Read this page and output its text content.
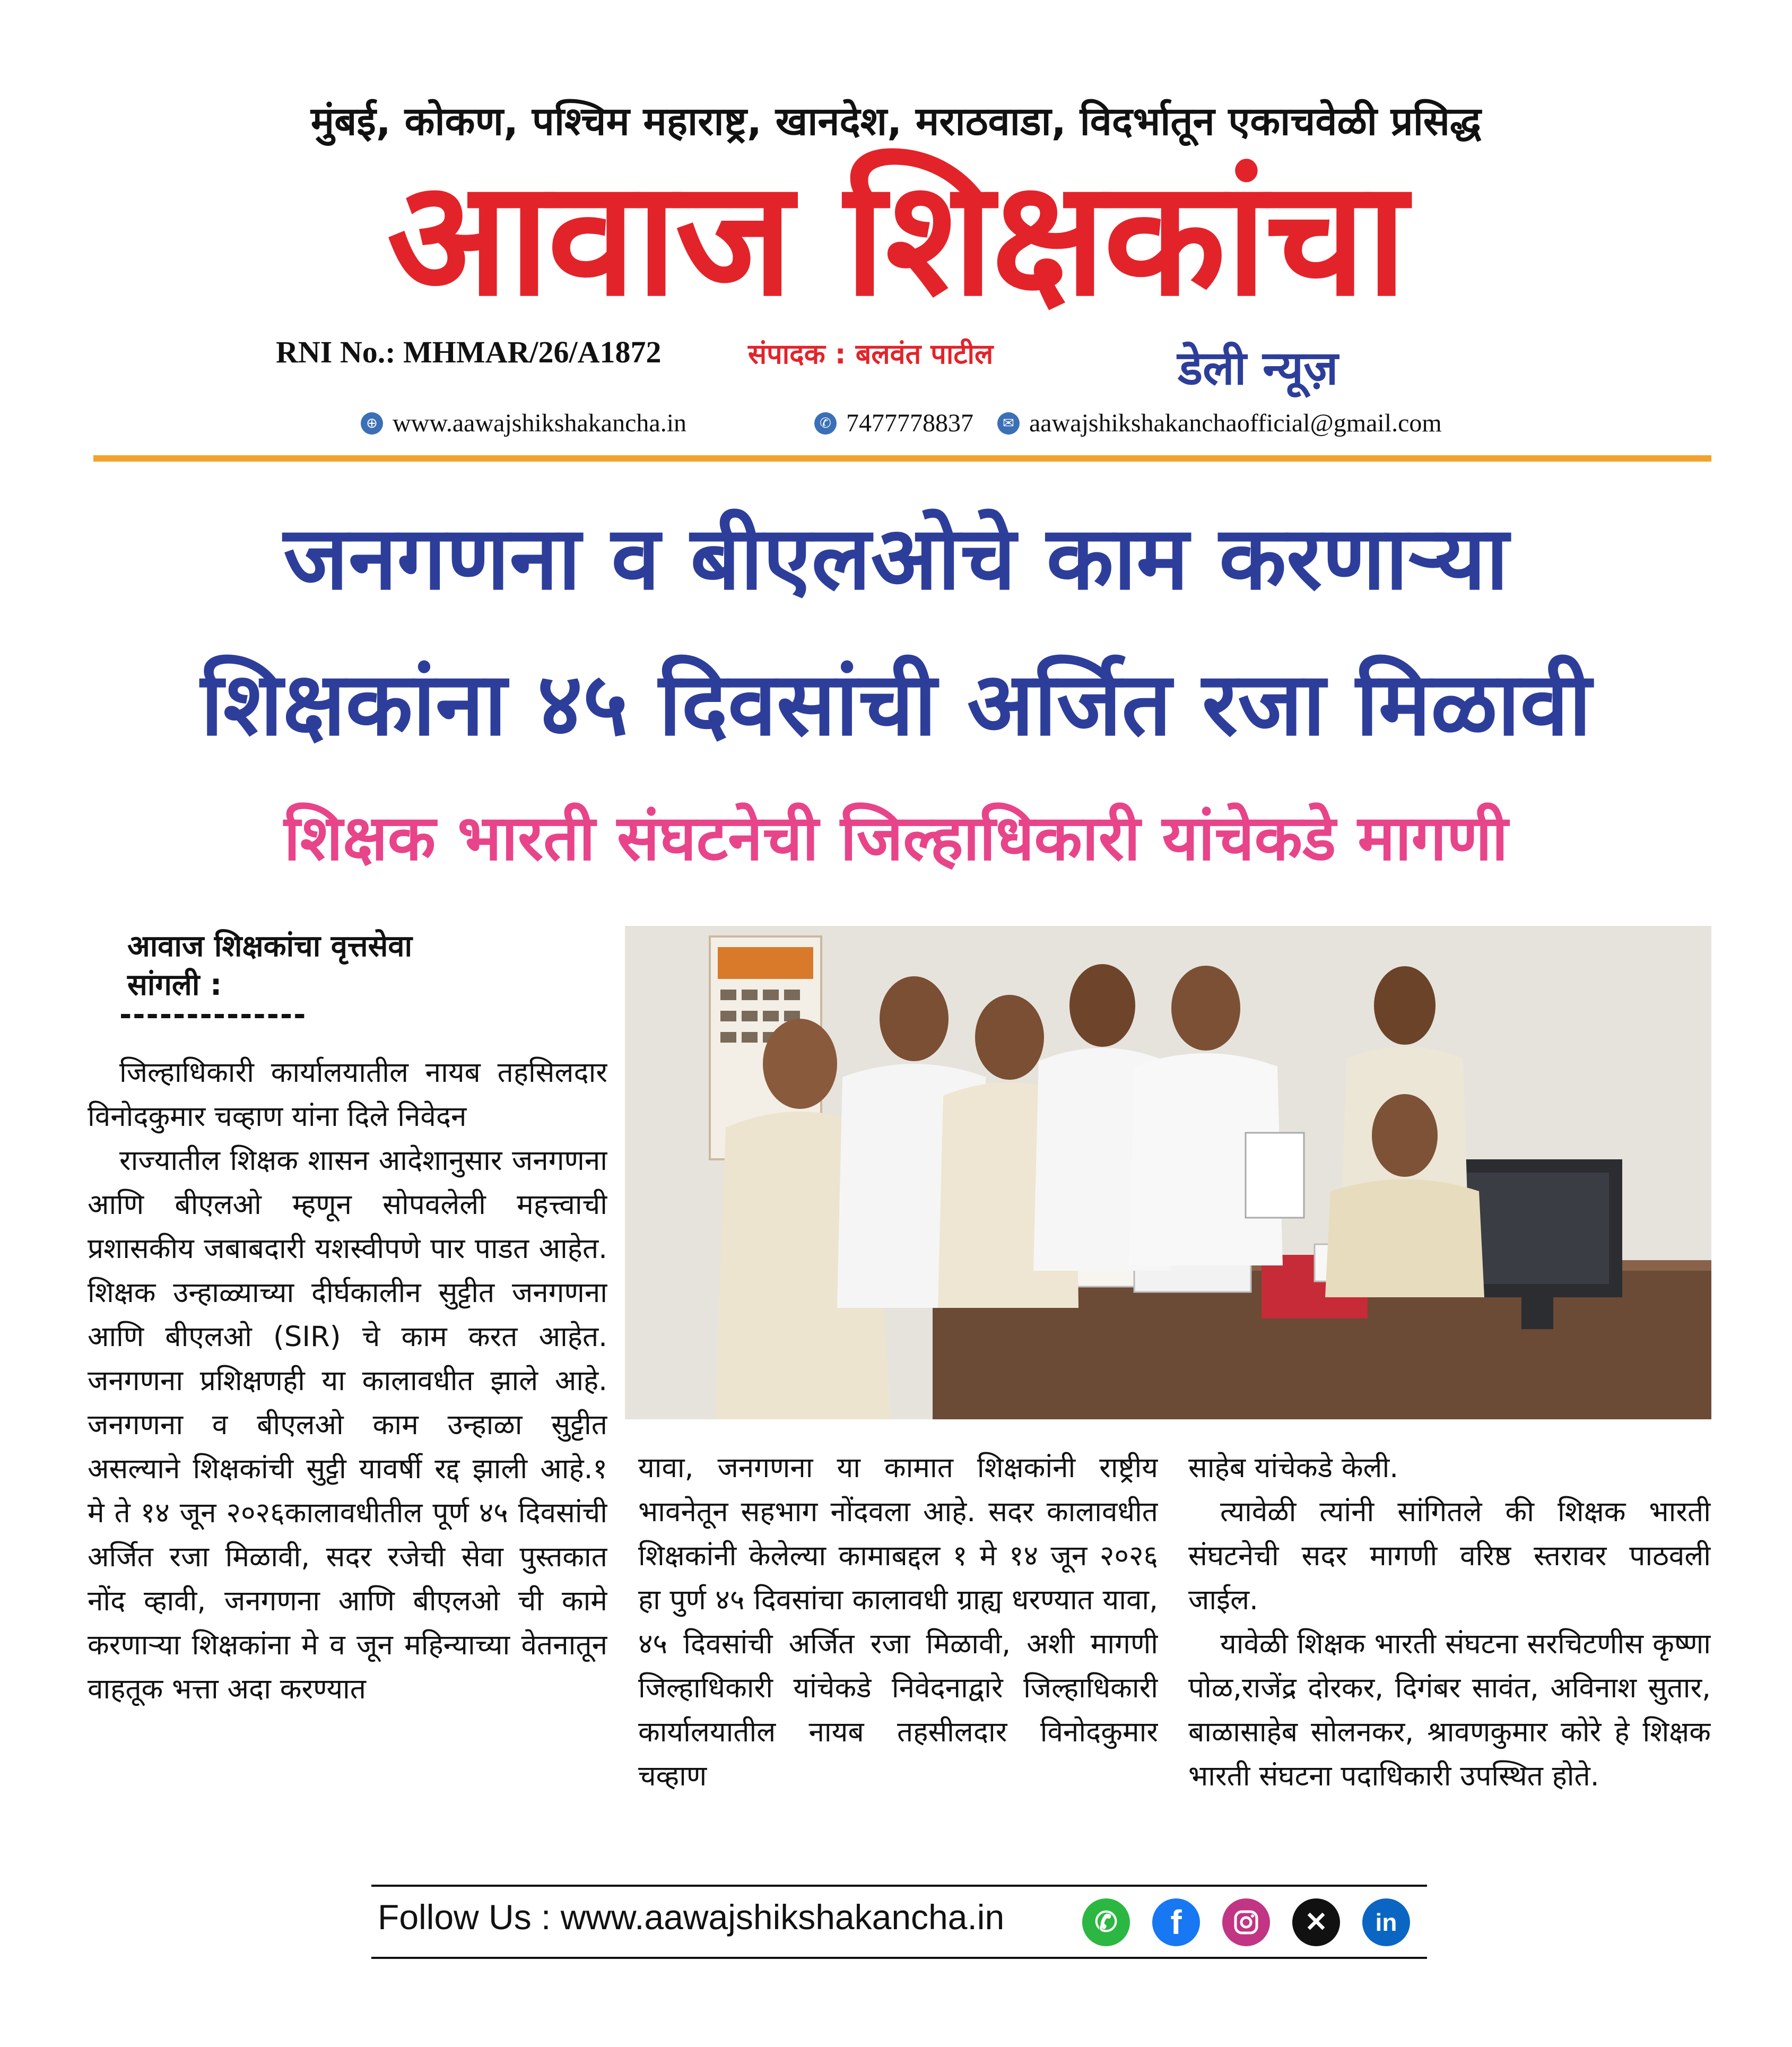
मुंबई, कोकण, पश्चिम महाराष्ट्र, खानदेश, मराठवाडा, विदर्भातून एकाचवेळी प्रसिद्ध
आवाज शिक्षकांचा
RNI No.: MHMAR/26/A1872	संपादक : बलवंत पाटील	डेली न्यूज़
⊕ www.aawajshikshakancha.in	✆ 7477778837	✉ aawajshikshakanchaofficial@gmail.com
जनगणना व बीएलओचे काम करणाऱ्या
शिक्षकांना ४५ दिवसांची अर्जित रजा मिळावी
शिक्षक भारती संघटनेची जिल्हाधिकारी यांचेकडे मागणी
आवाज शिक्षकांचा वृत्तसेवा
सांगली :
--------------

जिल्हाधिकारी कार्यालयातील नायब तहसिलदार विनोदकुमार चव्हाण यांना दिले निवेदन

राज्यातील शिक्षक शासन आदेशानुसार जनगणना आणि बीएलओ म्हणून सोपवलेली महत्त्वाची प्रशासकीय जबाबदारी यशस्वीपणे पार पाडत आहेत. शिक्षक उन्हाळ्याच्या दीर्घकालीन सुट्टीत जनगणना आणि बीएलओ (SIR) चे काम करत आहेत. जनगणना प्रशिक्षणही या कालावधीत झाले आहे. जनगणना व बीएलओ काम उन्हाळा सुट्टीत असल्याने शिक्षकांची सुट्टी यावर्षी रद्द झाली आहे.१ मे ते १४ जून २०२६कालावधीतील पूर्ण ४५ दिवसांची अर्जित रजा मिळावी, सदर रजेची सेवा पुस्तकात नोंद व्हावी, जनगणना आणि बीएलओ ची कामे करणाऱ्या शिक्षकांना मे व जून महिन्याच्या वेतनातून वाहतूक भत्ता अदा करण्यात

यावा, जनगणना या कामात शिक्षकांनी राष्ट्रीय भावनेतून सहभाग नोंदवला आहे. सदर कालावधीत शिक्षकांनी केलेल्या कामाबद्दल १ मे १४ जून २०२६ हा पुर्ण ४५ दिवसांचा कालावधी ग्राह्य धरण्यात यावा, ४५ दिवसांची अर्जित रजा मिळावी, अशी मागणी जिल्हाधिकारी यांचेकडे निवेदनाद्वारे जिल्हाधिकारी कार्यालयातील नायब तहसीलदार विनोदकुमार चव्हाण

साहेब यांचेकडे केली.

त्यावेळी त्यांनी सांगितले की शिक्षक भारती संघटनेची सदर मागणी वरिष्ठ स्तरावर पाठवली जाईल.

यावेळी शिक्षक भारती संघटना सरचिटणीस कृष्णा पोळ,राजेंद्र दोरकर, दिगंबर सावंत, अविनाश सुतार, बाळासाहेब सोलनकर, श्रावणकुमार कोरे हे शिक्षक भारती संघटना पदाधिकारी उपस्थित होते.

Follow Us : www.aawajshikshakancha.in	✆	f	✕	in
